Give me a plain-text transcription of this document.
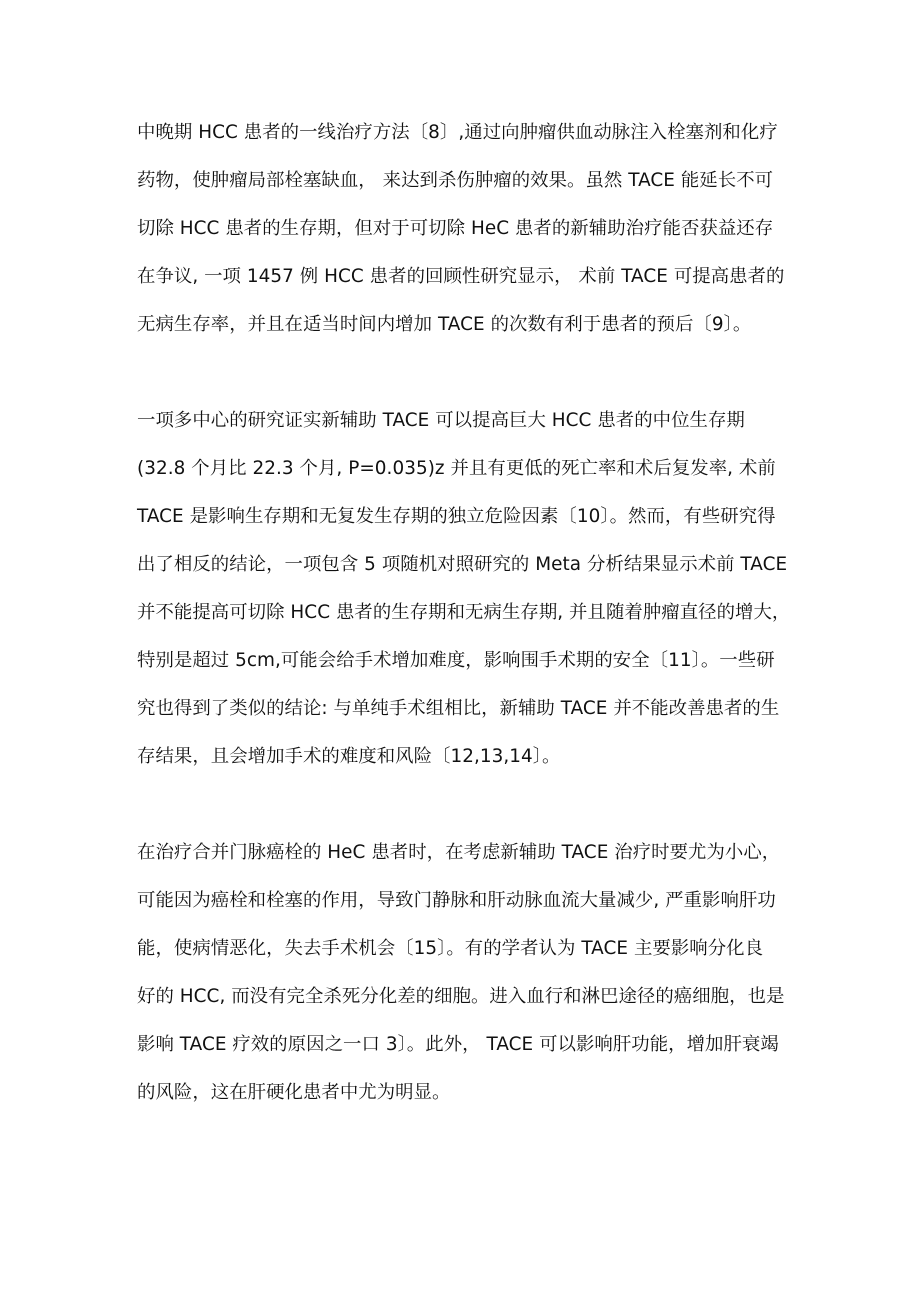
中晚期 HCC 患者的一线治疗方法〔8〕,通过向肿瘤供血动脉注入栓塞剂和化疗
药物，使肿瘤局部栓塞缺血， 来达到杀伤肿瘤的效果。虽然 TACE 能延长不可
切除 HCC 患者的生存期，但对于可切除 HeC 患者的新辅助治疗能否获益还存
在争议, 一项 1457 例 HCC 患者的回顾性研究显示， 术前 TACE 可提高患者的
无病生存率，并且在适当时间内增加 TACE 的次数有利于患者的预后〔9〕。
一项多中心的研究证实新辅助 TACE 可以提高巨大 HCC 患者的中位生存期
(32.8 个月比 22.3 个月, P=0.035)z 并且有更低的死亡率和术后复发率, 术前
TACE 是影响生存期和无复发生存期的独立危险因素〔10〕。然而，有些研究得
出了相反的结论，一项包含 5 项随机对照研究的 Meta 分析结果显示术前 TACE
并不能提高可切除 HCC 患者的生存期和无病生存期, 并且随着肿瘤直径的增大，
特别是超过 5cm,可能会给手术增加难度，影响围手术期的安全〔11〕。一些研
究也得到了类似的结论: 与单纯手术组相比，新辅助 TACE 并不能改善患者的生
存结果，且会增加手术的难度和风险〔12,13,14〕。
在治疗合并门脉癌栓的 HeC 患者时，在考虑新辅助 TACE 治疗时要尤为小心，
可能因为癌栓和栓塞的作用，导致门静脉和肝动脉血流大量减少, 严重影响肝功
能，使病情恶化，失去手术机会〔15〕。有的学者认为 TACE 主要影响分化良
好的 HCC, 而没有完全杀死分化差的细胞。进入血行和淋巴途径的癌细胞，也是
影响 TACE 疗效的原因之一口 3〕。此外， TACE 可以影响肝功能，增加肝衰竭
的风险，这在肝硬化患者中尤为明显。
